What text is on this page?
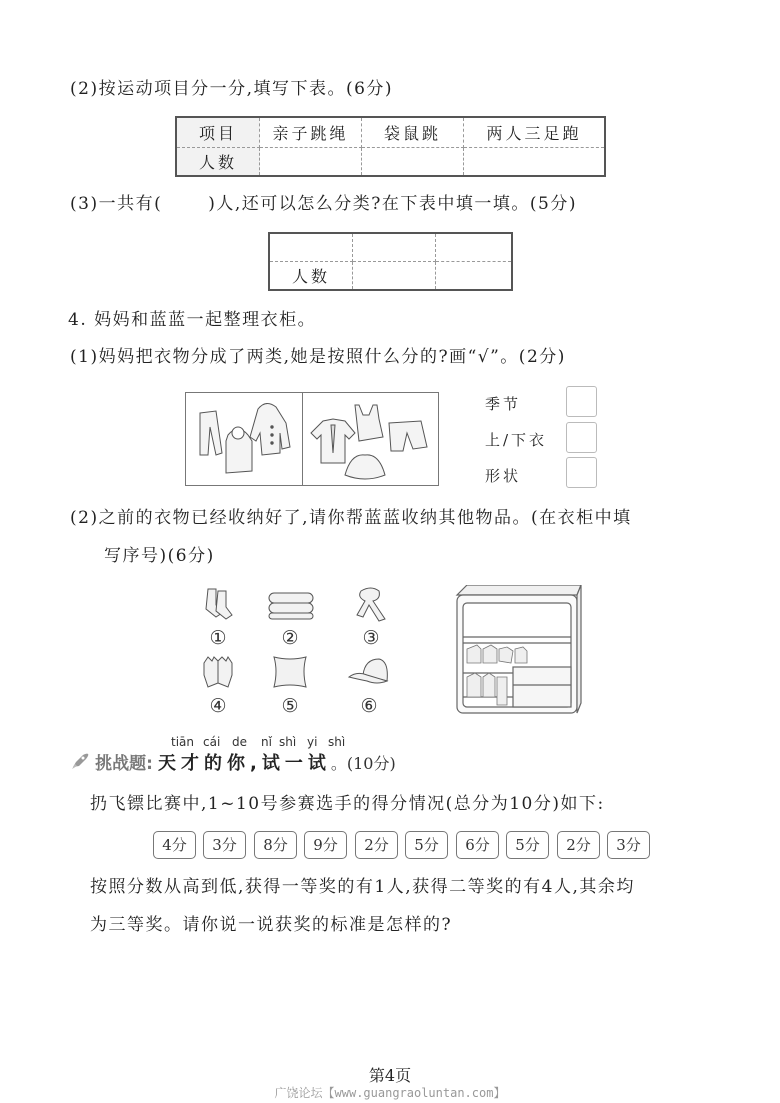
(2)按运动项目分一分,填写下表。(6分)
项目	亲子跳绳	袋鼠跳	两人三足跑
人数			
(3)一共有(	)人,还可以怎么分类?在下表中填一填。(5分)

人数		
4. 妈妈和蓝蓝一起整理衣柜。
(1)妈妈把衣物分成了两类,她是按照什么分的?画“√”。(2分)
季节
上/下衣
形状
(2)之前的衣物已经收纳好了,请你帮蓝蓝收纳其他物品。(在衣柜中填
写序号)(6分)
①	②	③
④	⑤	⑥
tiān cái de nǐ shì yi shì
挑战题: 天才的你,试一试。(10分)
扔飞镖比赛中,1~10号参赛选手的得分情况(总分为10分)如下:
4分	3分	8分	9分	2分	5分	6分	5分	2分	3分
按照分数从高到低,获得一等奖的有1人,获得二等奖的有4人,其余均
为三等奖。请你说一说获奖的标准是怎样的?
第4页
广饶论坛【www.guangraoluntan.com】
